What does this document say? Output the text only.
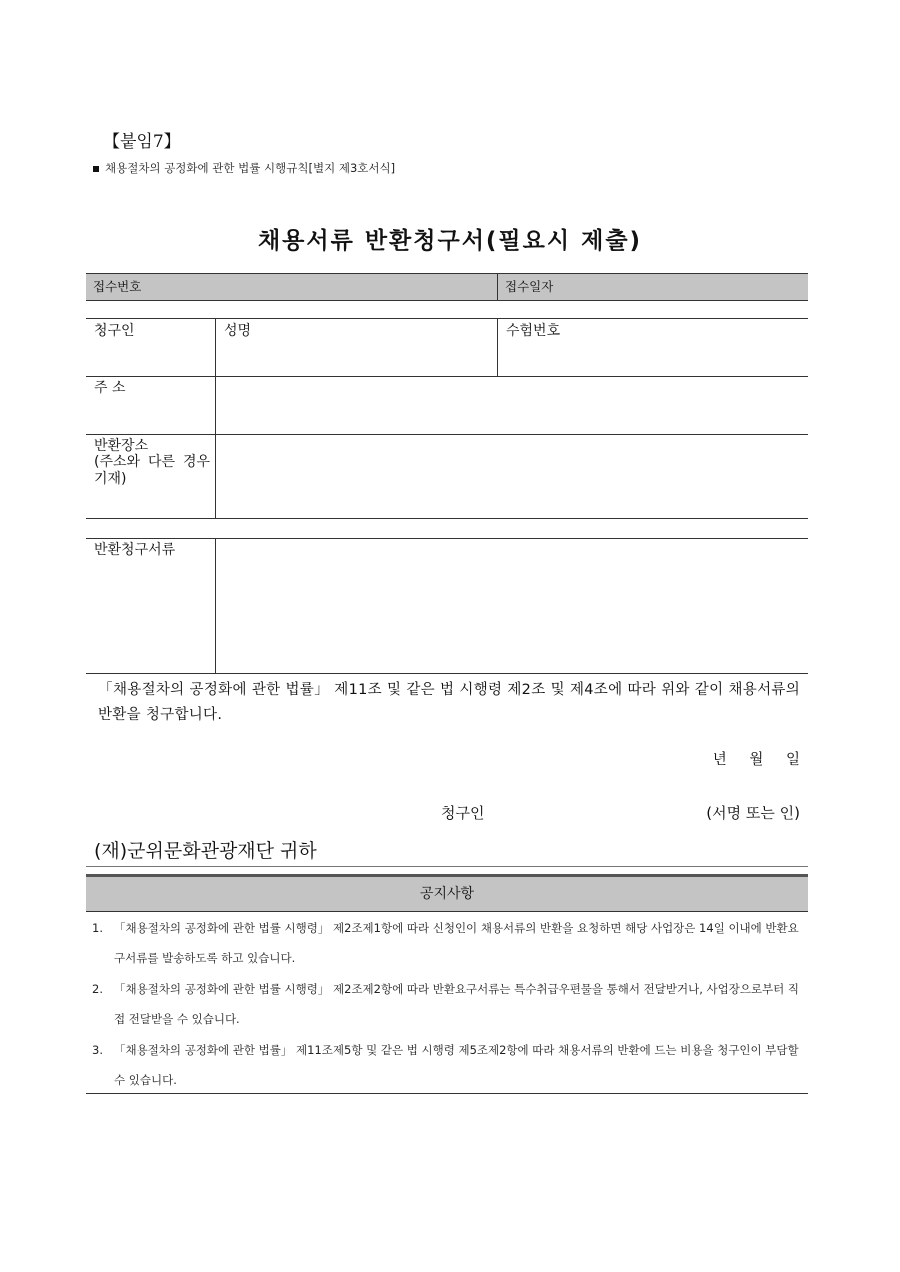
【붙임7】
채용절차의 공정화에 관한 법률 시행규칙[별지 제3호서식]
채용서류 반환청구서(필요시 제출)
접수번호	접수일자
청구인	성명	수험번호
주 소
반환장소
(주소와 다른 경우 기재)
반환청구서류
「채용절차의 공정화에 관한 법률」 제11조 및 같은 법 시행령 제2조 및 제4조에 따라 위와 같이 채용서류의 반환을 청구합니다.
년 월 일
청구인	(서명 또는 인)
(재)군위문화관광재단 귀하
공지사항
1. 「채용절차의 공정화에 관한 법률 시행령」 제2조제1항에 따라 신청인이 채용서류의 반환을 요청하면 해당 사업장은 14일 이내에 반환요구서류를 발송하도록 하고 있습니다.
2. 「채용절차의 공정화에 관한 법률 시행령」 제2조제2항에 따라 반환요구서류는 특수취급우편물을 통해서 전달받거나, 사업장으로부터 직접 전달받을 수 있습니다.
3. 「채용절차의 공정화에 관한 법률」 제11조제5항 및 같은 법 시행령 제5조제2항에 따라 채용서류의 반환에 드는 비용을 청구인이 부담할 수 있습니다.
